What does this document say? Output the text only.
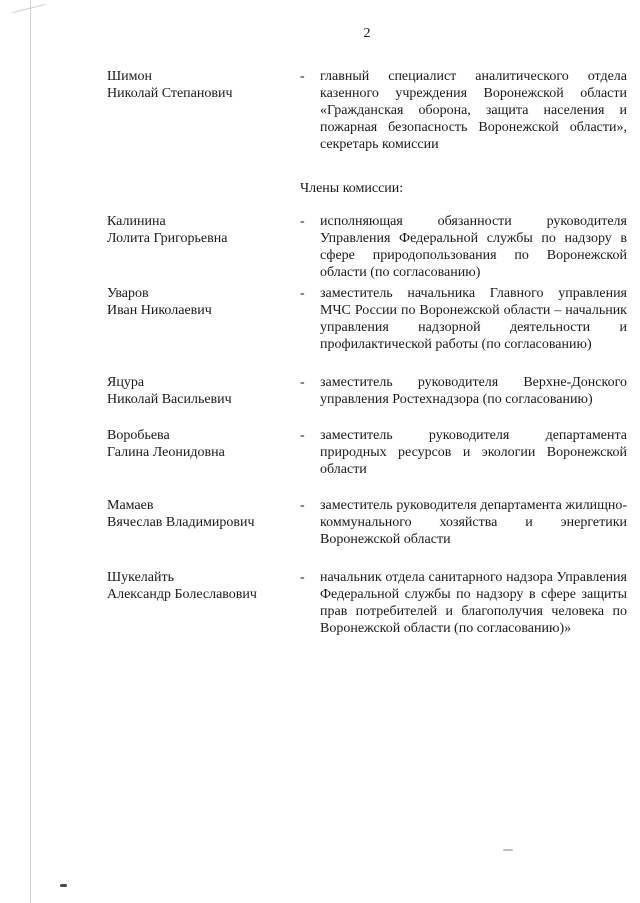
2
Шимон
Николай Степанович
-	главный специалист аналитического отдела казенного учреждения Воронежской области «Гражданская оборона, защита населения и пожарная безопасность Воронежской области», секретарь комиссии
Члены комиссии:
Калинина
Лолита Григорьевна
-	исполняющая обязанности руководителя Управления Федеральной службы по надзору в сфере природопользования по Воронежской области (по согласованию)
Уваров
Иван Николаевич
-	заместитель начальника Главного управления МЧС России по Воронежской области – начальник управления надзорной деятельности и профилактической работы (по согласованию)
Яцура
Николай Васильевич
-	заместитель руководителя Верхне-Донского управления Ростехнадзора (по согласованию)
Воробьева
Галина Леонидовна
-	заместитель руководителя департамента природных ресурсов и экологии Воронежской области
Мамаев
Вячеслав Владимирович
-	заместитель руководителя департамента жилищно-коммунального хозяйства и энергетики Воронежской области
Шукелайть
Александр Болеславович
-	начальник отдела санитарного надзора Управления Федеральной службы по надзору в сфере защиты прав потребителей и благополучия человека по Воронежской области (по согласованию)»
